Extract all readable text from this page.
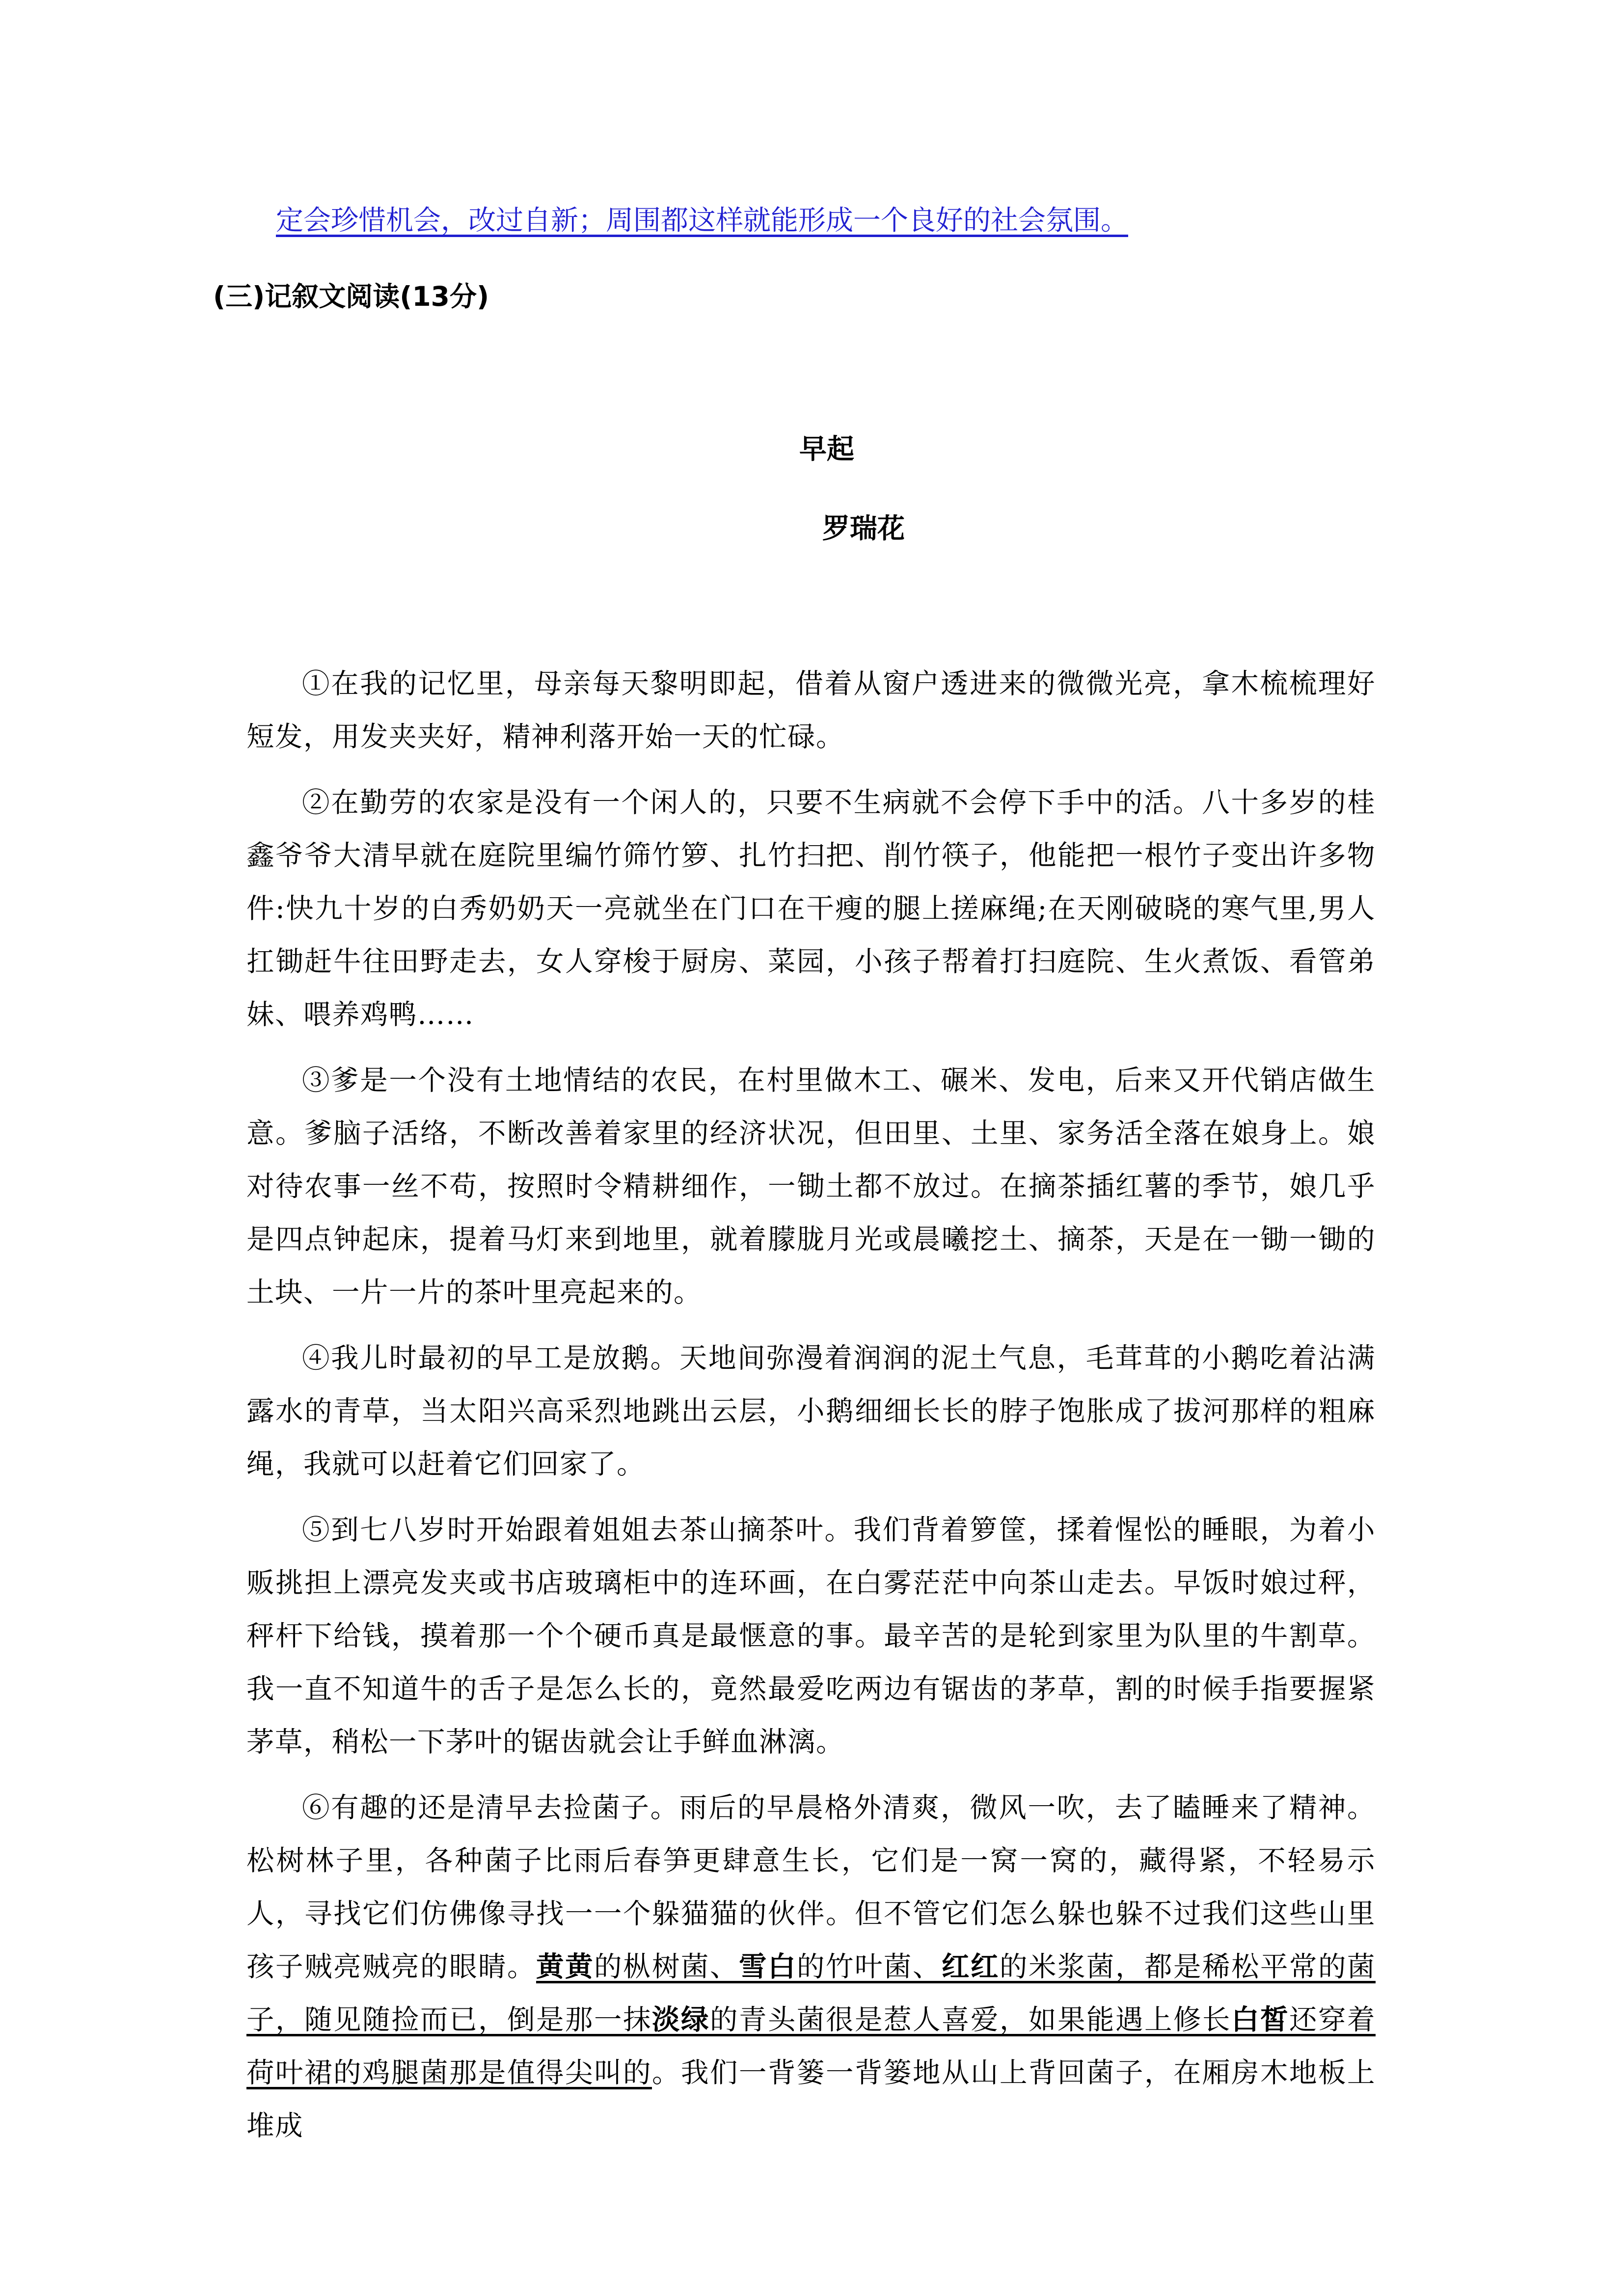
定会珍惜机会，改过自新；周围都这样就能形成一个良好的社会氛围。
(三)记叙文阅读(13分)
早起
罗瑞花

①在我的记忆里，母亲每天黎明即起，借着从窗户透进来的微微光亮，拿木梳梳理好短发，用发夹夹好，精神利落开始一天的忙碌。

②在勤劳的农家是没有一个闲人的，只要不生病就不会停下手中的活。八十多岁的桂鑫爷爷大清早就在庭院里编竹筛竹箩、扎竹扫把、削竹筷子，他能把一根竹子变出许多物件:快九十岁的白秀奶奶天一亮就坐在门口在干瘦的腿上搓麻绳;在天刚破晓的寒气里,男人扛锄赶牛往田野走去，女人穿梭于厨房、菜园，小孩子帮着打扫庭院、生火煮饭、看管弟妹、喂养鸡鸭……

③爹是一个没有土地情结的农民，在村里做木工、碾米、发电，后来又开代销店做生意。爹脑子活络，不断改善着家里的经济状况，但田里、土里、家务活全落在娘身上。娘对待农事一丝不苟，按照时令精耕细作，一锄土都不放过。在摘茶插红薯的季节，娘几乎是四点钟起床，提着马灯来到地里，就着朦胧月光或晨曦挖土、摘茶，天是在一锄一锄的土块、一片一片的茶叶里亮起来的。

④我儿时最初的早工是放鹅。天地间弥漫着润润的泥土气息，毛茸茸的小鹅吃着沾满露水的青草，当太阳兴高采烈地跳出云层，小鹅细细长长的脖子饱胀成了拔河那样的粗麻绳，我就可以赶着它们回家了。

⑤到七八岁时开始跟着姐姐去茶山摘茶叶。我们背着箩筐，揉着惺忪的睡眼，为着小贩挑担上漂亮发夹或书店玻璃柜中的连环画，在白雾茫茫中向茶山走去。早饭时娘过秤，秤杆下给钱，摸着那一个个硬币真是最惬意的事。最辛苦的是轮到家里为队里的牛割草。我一直不知道牛的舌子是怎么长的，竟然最爱吃两边有锯齿的茅草，割的时候手指要握紧茅草，稍松一下茅叶的锯齿就会让手鲜血淋漓。

⑥有趣的还是清早去捡菌子。雨后的早晨格外清爽，微风一吹，去了瞌睡来了精神。松树林子里，各种菌子比雨后春笋更肆意生长，它们是一窝一窝的，藏得紧，不轻易示人，寻找它们仿佛像寻找一一个躲猫猫的伙伴。但不管它们怎么躲也躲不过我们这些山里孩子贼亮贼亮的眼睛。黄黄的枞树菌、雪白的竹叶菌、红红的米浆菌，都是稀松平常的菌子，随见随捡而已，倒是那一抹淡绿的青头菌很是惹人喜爱，如果能遇上修长白皙还穿着荷叶裙的鸡腿菌那是值得尖叫的。我们一背篓一背篓地从山上背回菌子，在厢房木地板上堆成
